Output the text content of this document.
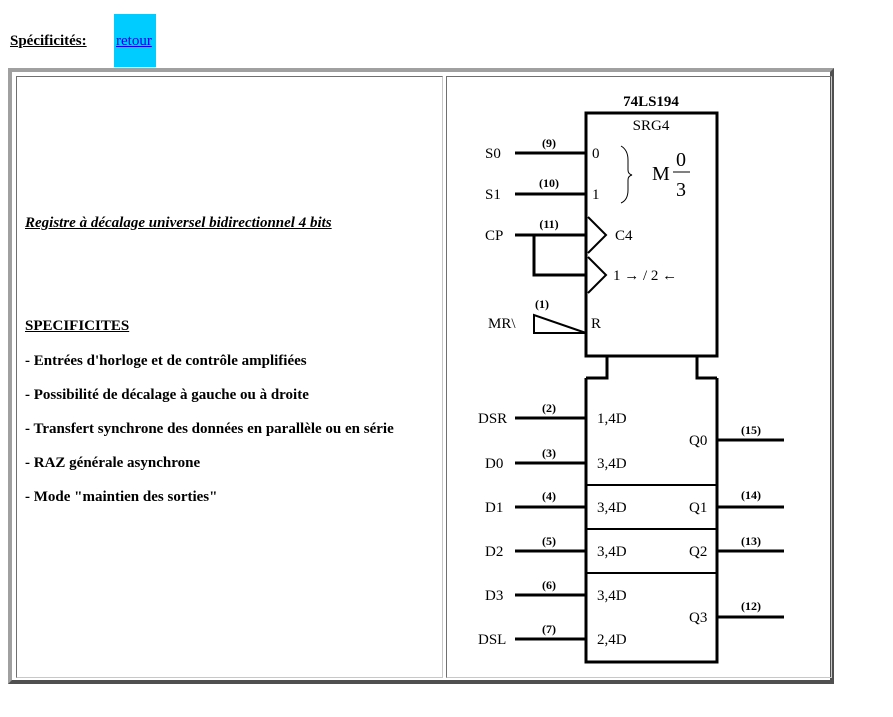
Spécificités: retour
Registre à décalage universel bidirectionnel 4 bits
SPECIFICITES
- Entrées d'horloge et de contrôle amplifiées
- Possibilité de décalage à gauche ou à droite
- Transfert synchrone des données en parallèle ou en série
- RAZ générale asynchrone
- Mode "maintien des sorties"
74LS194
SRG4
S0
(9)
0
S1
(10)
1
M
0
3
CP
(11)
C4
1 → / 2 ←
MR\
(1)
R
DSR
(2)
1,4D
D0
(3)
3,4D
D1
(4)
3,4D
D2
(5)
3,4D
D3
(6)
3,4D
DSL
(7)
2,4D
Q0
(15)
Q1
(14)
Q2
(13)
Q3
(12)
